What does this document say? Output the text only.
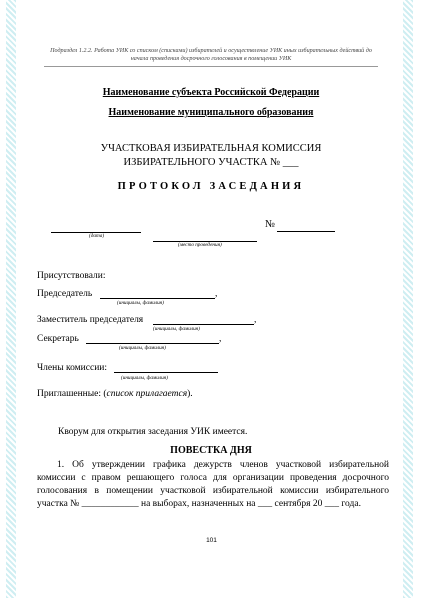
Подраздел 1.2.2. Работа УИК со списком (списками) избирателей и осуществление УИК иных избирательных действий до начала проведения досрочного голосования в помещении УИК
Наименование субъекта Российской Федерации
Наименование муниципального образования
УЧАСТКОВАЯ ИЗБИРАТЕЛЬНАЯ КОМИССИЯ
ИЗБИРАТЕЛЬНОГО УЧАСТКА № ___
ПРОТОКОЛ ЗАСЕДАНИЯ
(дата)
№
(место проведения)
Присутствовали:
Председатель	,
(инициалы, фамилия)
Заместитель председателя	,
(инициалы, фамилия)
Секретарь	,
(инициалы, фамилия)
Члены комиссии:
(инициалы, фамилия)
Приглашенные: (список прилагается).
Кворум для открытия заседания УИК имеется.
ПОВЕСТКА ДНЯ
1. Об утверждении графика дежурств членов участковой избирательной комиссии с правом решающего голоса для организации проведения досрочного голосования в помещении участковой избирательной комиссии избирательного участка № ____________ на выборах, назначенных на ___ сентября 20 ___ года.
101
